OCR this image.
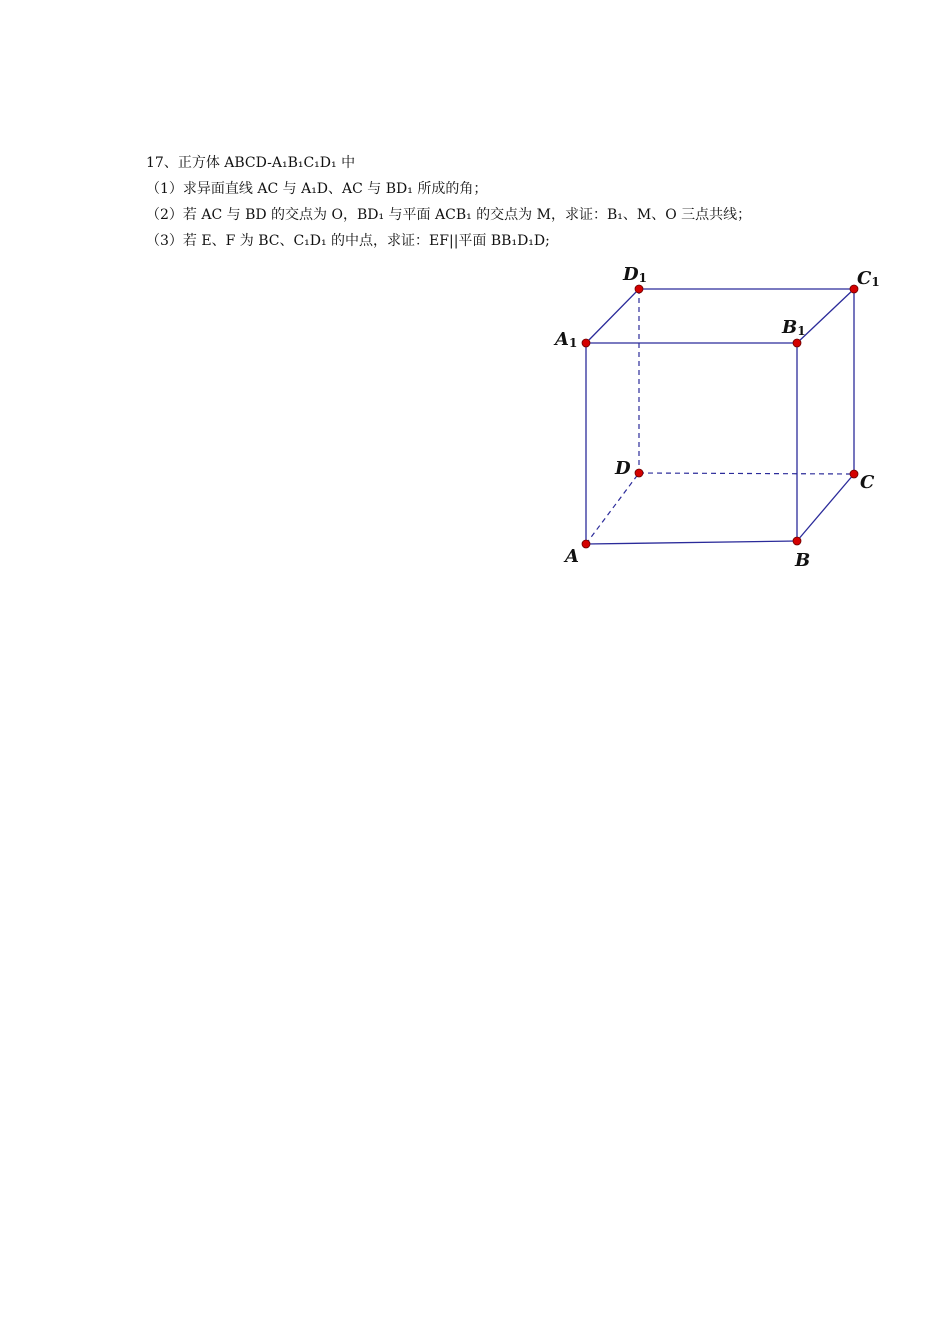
17、正方体 ABCD-A₁B₁C₁D₁ 中
（1）求异面直线 AC 与 A₁D、AC 与 BD₁ 所成的角；
（2）若 AC 与 BD 的交点为 O，BD₁ 与平面 ACB₁ 的交点为 M，求证：B₁、M、O 三点共线；
（3）若 E、F 为 BC、C₁D₁ 的中点，求证：EF||平面 BB₁D₁D;
D1	C1
A1
B1
D
C
A	B
